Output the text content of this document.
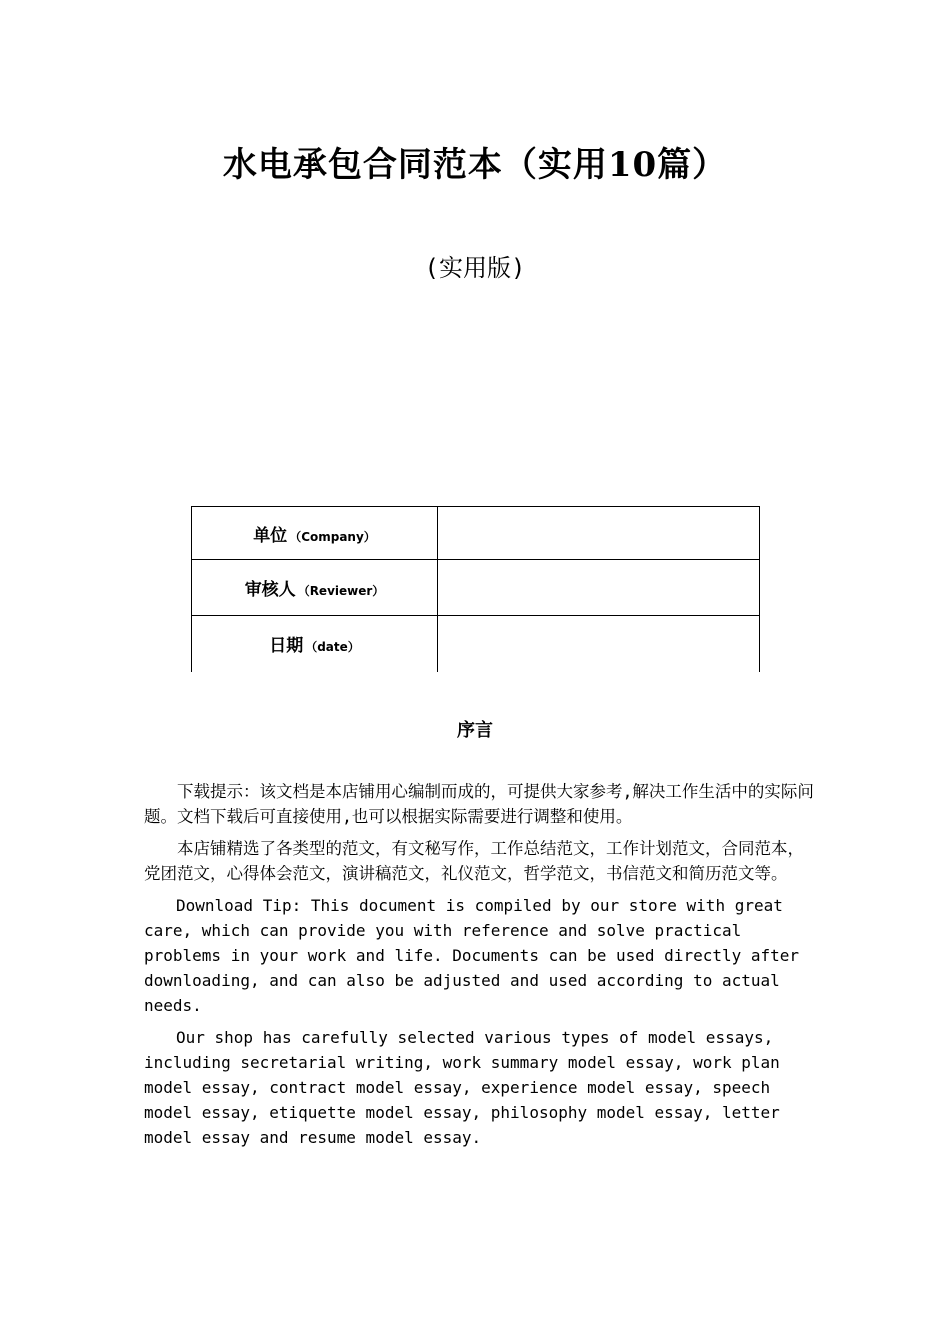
水电承包合同范本（实用10篇）
(实用版)
单位 （Company）	
审核人 （Reviewer）	
日期 （date）	
序言

下载提示：该文档是本店铺用心编制而成的，可提供大家参考,解决工作生活中的实际问题。文档下载后可直接使用,也可以根据实际需要进行调整和使用。

本店铺精选了各类型的范文，有文秘写作，工作总结范文，工作计划范文，合同范本，党团范文，心得体会范文，演讲稿范文，礼仪范文，哲学范文，书信范文和简历范文等。

Download Tip: This document is compiled by our store with great care, which can provide you with reference and solve practical problems in your work and life. Documents can be used directly after downloading, and can also be adjusted and used according to actual needs.

Our shop has carefully selected various types of model essays, including secretarial writing, work summary model essay, work plan model essay, contract model essay, experience model essay, speech model essay, etiquette model essay, philosophy model essay, letter model essay and resume model essay.
